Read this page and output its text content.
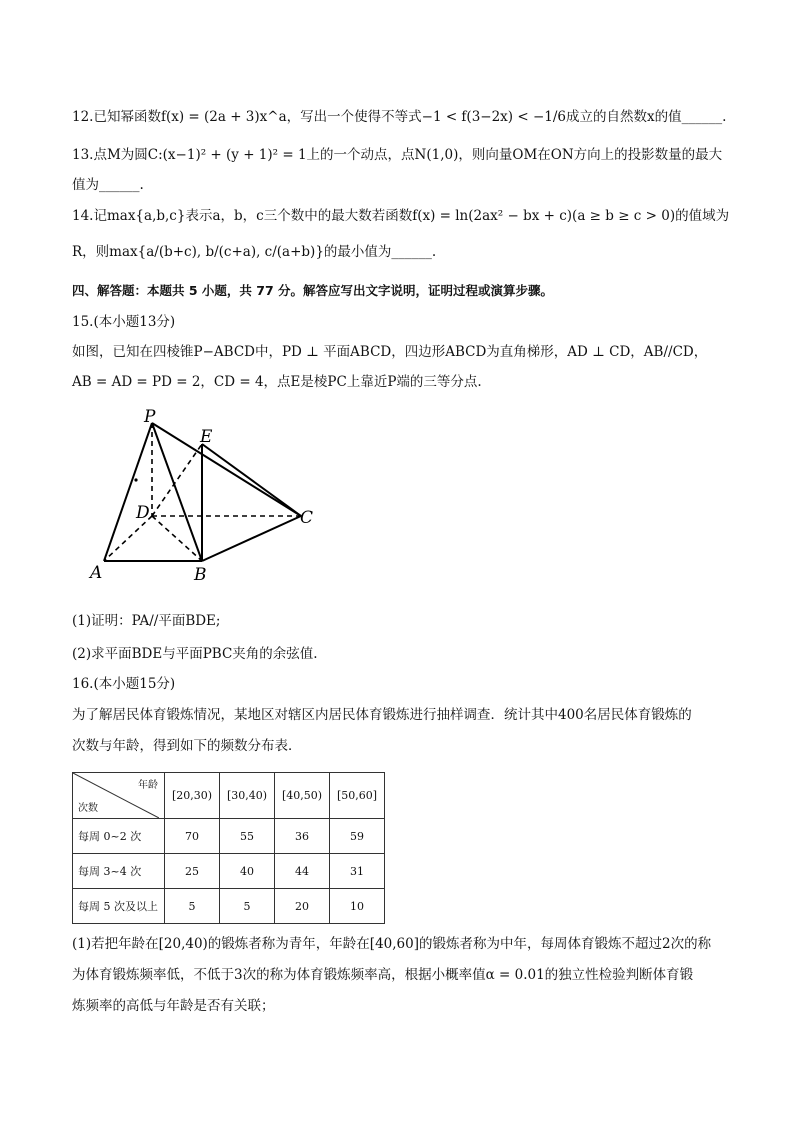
12.已知幂函数f(x) = (2a + 3)x^a，写出一个使得不等式−1 < f(3−2x) < −1/6成立的自然数x的值______.
13.点M为圆C:(x−1)² + (y + 1)² = 1上的一个动点，点N(1,0)，则向量OM在ON方向上的投影数量的最大
值为______.
14.记max{a,b,c}表示a，b，c三个数中的最大数若函数f(x) = ln(2ax² − bx + c)(a ≥ b ≥ c > 0)的值域为
R，则max{a/(b+c), b/(c+a), c/(a+b)}的最小值为______.
四、解答题：本题共 5 小题，共 77 分。解答应写出文字说明，证明过程或演算步骤。
15.(本小题13分)
如图，已知在四棱锥P−ABCD中，PD ⊥ 平面ABCD，四边形ABCD为直角梯形，AD ⊥ CD，AB//CD，
AB = AD = PD = 2，CD = 4，点E是棱PC上靠近P端的三等分点.
P
E
D	C
A	B
(1)证明：PA//平面BDE;
(2)求平面BDE与平面PBC夹角的余弦值.
16.(本小题15分)
为了解居民体育锻炼情况，某地区对辖区内居民体育锻炼进行抽样调查．统计其中400名居民体育锻炼的
次数与年龄，得到如下的频数分布表．
年龄
次数	[20,30)	[30,40)	[40,50)	[50,60]
每周 0~2 次	70	55	36	59
每周 3~4 次	25	40	44	31
每周 5 次及以上	5	5	20	10
(1)若把年龄在[20,40)的锻炼者称为青年，年龄在[40,60]的锻炼者称为中年，每周体育锻炼不超过2次的称
为体育锻炼频率低，不低于3次的称为体育锻炼频率高，根据小概率值α = 0.01的独立性检验判断体育锻
炼频率的高低与年龄是否有关联；
